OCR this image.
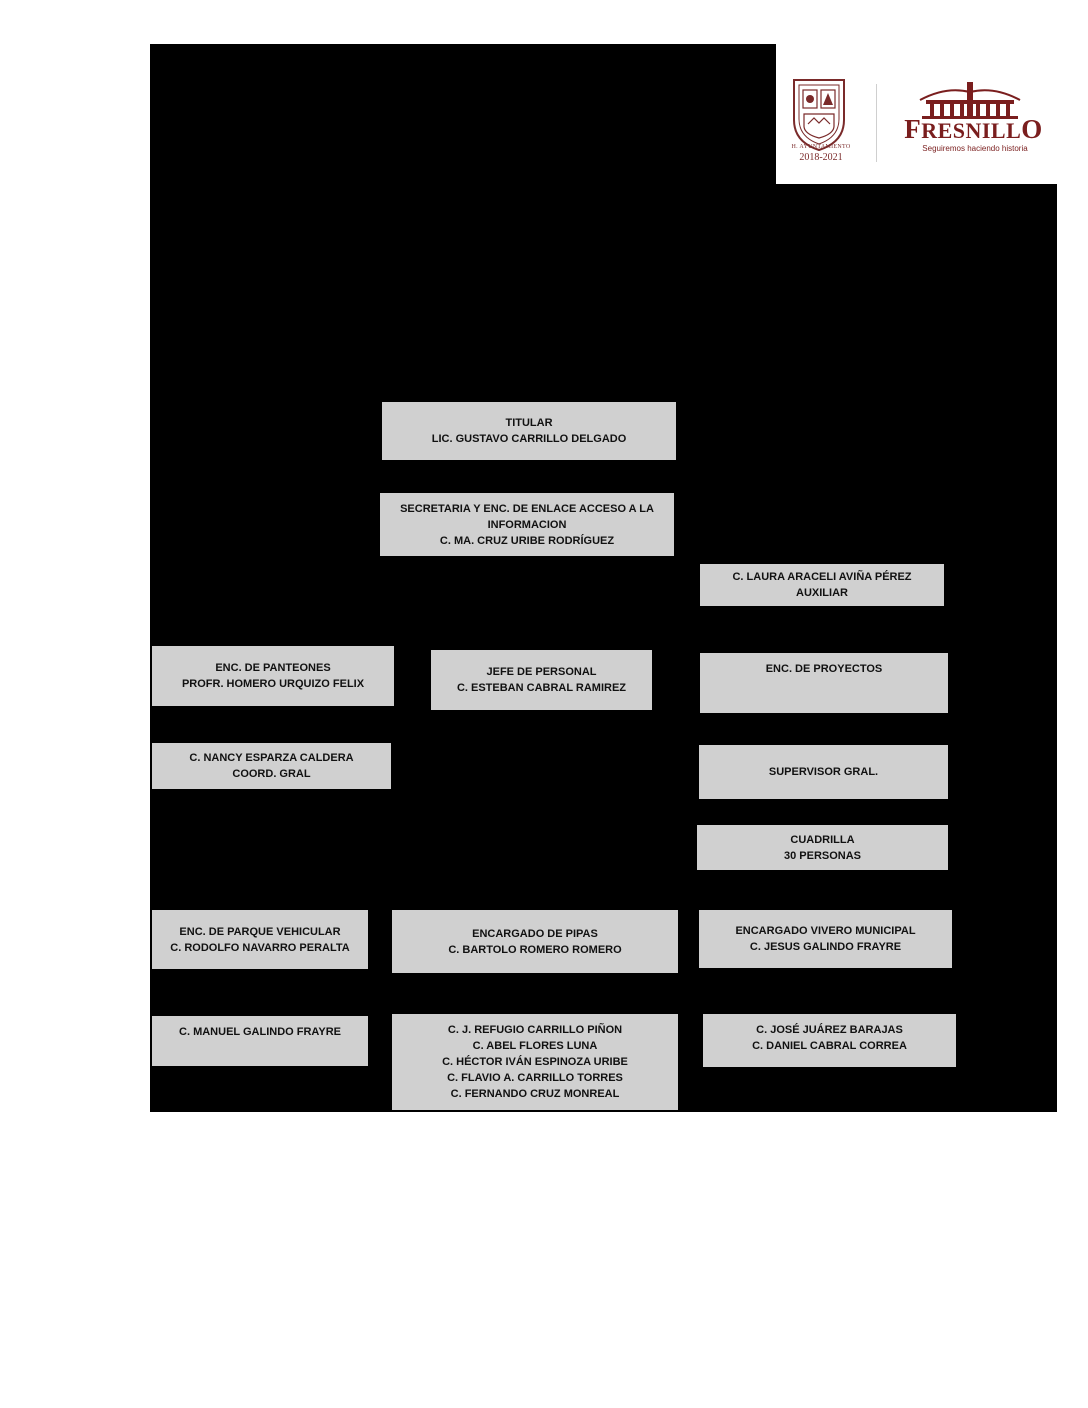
H. AYUNTAMIENTO
2018-2021
FRESNILLO
Seguiremos haciendo historia
TITULAR
LIC. GUSTAVO CARRILLO DELGADO
SECRETARIA Y ENC. DE ENLACE ACCESO A LA INFORMACION
C. MA. CRUZ URIBE RODRÍGUEZ
C. LAURA ARACELI AVIÑA PÉREZ
AUXILIAR
ENC. DE PANTEONES
PROFR. HOMERO URQUIZO FELIX
JEFE DE PERSONAL
C. ESTEBAN CABRAL RAMIREZ
ENC. DE PROYECTOS
C. NANCY ESPARZA CALDERA
COORD. GRAL	SUPERVISOR GRAL.
CUADRILLA
30 PERSONAS
ENC. DE PARQUE VEHICULAR
C. RODOLFO NAVARRO PERALTA
ENCARGADO DE PIPAS
C. BARTOLO ROMERO ROMERO
ENCARGADO VIVERO MUNICIPAL
C. JESUS GALINDO FRAYRE
C. MANUEL GALINDO FRAYRE	C. J. REFUGIO CARRILLO PIÑON
C. ABEL FLORES LUNA
C. HÉCTOR IVÁN ESPINOZA URIBE
C. FLAVIO A. CARRILLO TORRES
C. FERNANDO CRUZ MONREAL
C. JOSÉ JUÁREZ BARAJAS
C. DANIEL CABRAL CORREA
